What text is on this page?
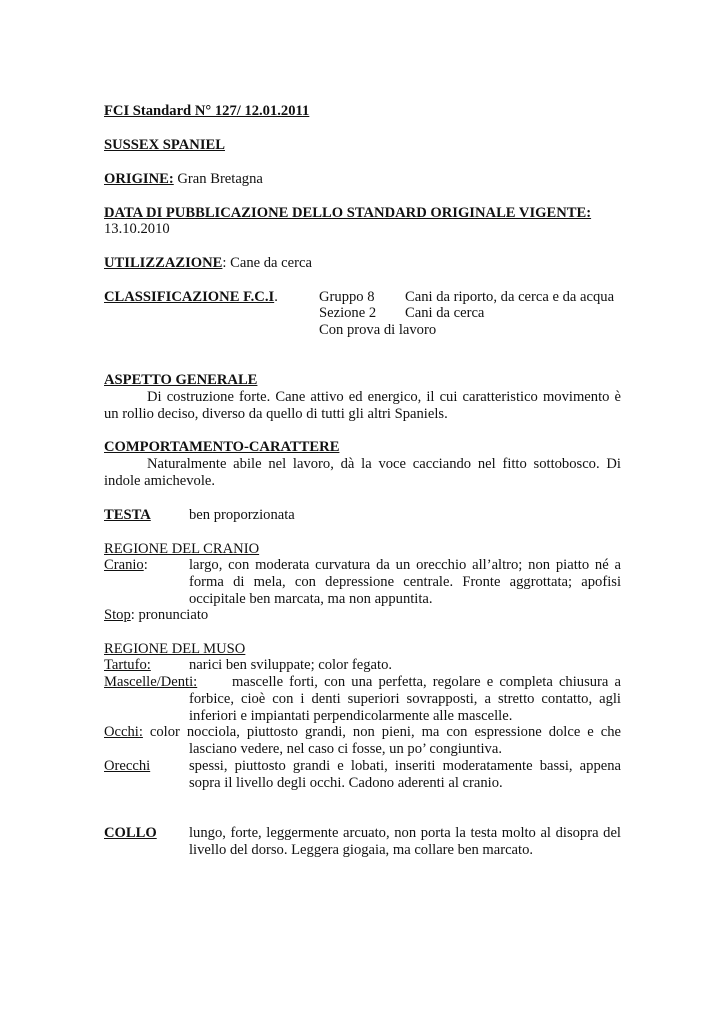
FCI Standard N° 127/ 12.01.2011
SUSSEX SPANIEL
ORIGINE: Gran Bretagna
DATA DI PUBBLICAZIONE DELLO STANDARD ORIGINALE VIGENTE:
13.10.2010
UTILIZZAZIONE: Cane da cerca
CLASSIFICAZIONE F.C.I.	Gruppo 8 Cani da riporto, da cerca e da acqua
Sezione 2 Cani da cerca
Con prova di lavoro
ASPETTO GENERALE
Di costruzione forte. Cane attivo ed energico, il cui caratteristico movimento è un rollio deciso, diverso da quello di tutti gli altri Spaniels.
COMPORTAMENTO-CARATTERE
Naturalmente abile nel lavoro, dà la voce cacciando nel fitto sottobosco. Di indole amichevole.
TESTA	ben proporzionata
REGIONE DEL CRANIO
Cranio:	largo, con moderata curvatura da un orecchio all’altro; non piatto né a forma di mela, con depressione centrale. Fronte aggrottata; apofisi occipitale ben marcata, ma non appuntita.
Stop: pronunciato
REGIONE DEL MUSO
Tartufo:	narici ben sviluppate; color fegato.
Mascelle/Denti:	mascelle forti, con una perfetta, regolare e completa chiusura a forbice, cioè con i denti superiori sovrapposti, a stretto contatto, agli inferiori e impiantati perpendicolarmente alle mascelle.
Occhi: color nocciola, piuttosto grandi, non pieni, ma con espressione dolce e che
lasciano vedere, nel caso ci fosse, un po’ congiuntiva.
Orecchi	spessi, piuttosto grandi e lobati, inseriti moderatamente bassi, appena sopra il livello degli occhi. Cadono aderenti al cranio.
COLLO lungo, forte, leggermente arcuato, non porta la testa molto al disopra del livello del dorso. Leggera giogaia, ma collare ben marcato.
